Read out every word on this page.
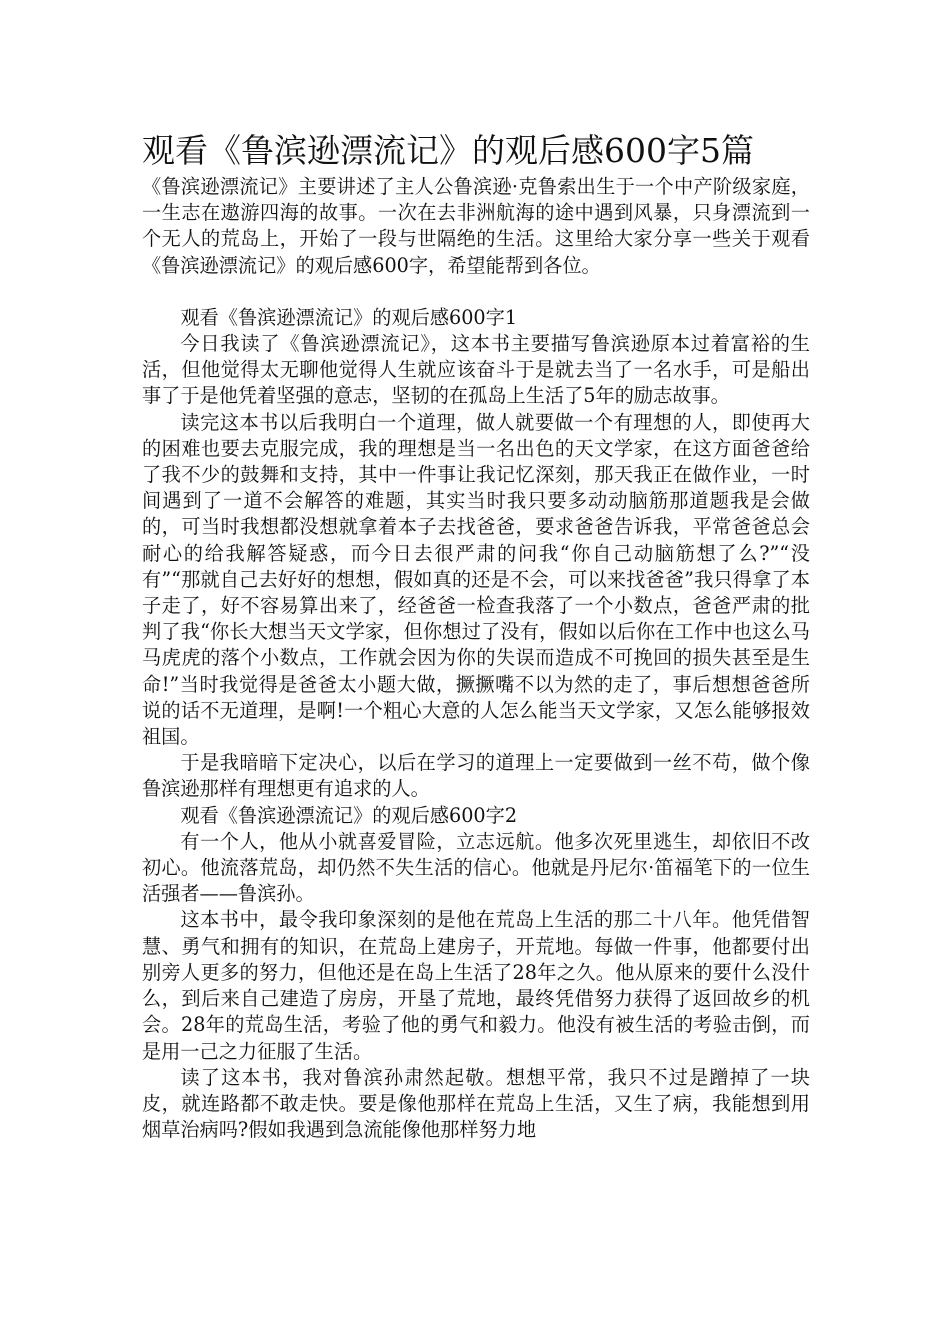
观看《鲁滨逊漂流记》的观后感600字5篇

《鲁滨逊漂流记》主要讲述了主人公鲁滨逊·克鲁索出生于一个中产阶级家庭，一生志在遨游四海的故事。一次在去非洲航海的途中遇到风暴，只身漂流到一个无人的荒岛上，开始了一段与世隔绝的生活。这里给大家分享一些关于观看《鲁滨逊漂流记》的观后感600字，希望能帮到各位。

观看《鲁滨逊漂流记》的观后感600字1

今日我读了《鲁滨逊漂流记》，这本书主要描写鲁滨逊原本过着富裕的生活，但他觉得太无聊他觉得人生就应该奋斗于是就去当了一名水手，可是船出事了于是他凭着坚强的意志，坚韧的在孤岛上生活了5年的励志故事。

读完这本书以后我明白一个道理，做人就要做一个有理想的人，即使再大的困难也要去克服完成，我的理想是当一名出色的天文学家，在这方面爸爸给了我不少的鼓舞和支持，其中一件事让我记忆深刻，那天我正在做作业，一时间遇到了一道不会解答的难题，其实当时我只要多动动脑筋那道题我是会做的，可当时我想都没想就拿着本子去找爸爸，要求爸爸告诉我，平常爸爸总会耐心的给我解答疑惑，而今日去很严肃的问我“你自己动脑筋想了么?”“没有”“那就自己去好好的想想，假如真的还是不会，可以来找爸爸”我只得拿了本子走了，好不容易算出来了，经爸爸一检查我落了一个小数点，爸爸严肃的批判了我“你长大想当天文学家，但你想过了没有，假如以后你在工作中也这么马马虎虎的落个小数点，工作就会因为你的失误而造成不可挽回的损失甚至是生命!”当时我觉得是爸爸太小题大做，撅撅嘴不以为然的走了，事后想想爸爸所说的话不无道理，是啊!一个粗心大意的人怎么能当天文学家，又怎么能够报效祖国。

于是我暗暗下定决心，以后在学习的道理上一定要做到一丝不苟，做个像鲁滨逊那样有理想更有追求的人。

观看《鲁滨逊漂流记》的观后感600字2

有一个人，他从小就喜爱冒险，立志远航。他多次死里逃生，却依旧不改初心。他流落荒岛，却仍然不失生活的信心。他就是丹尼尔·笛福笔下的一位生活强者——鲁滨孙。

这本书中，最令我印象深刻的是他在荒岛上生活的那二十八年。他凭借智慧、勇气和拥有的知识，在荒岛上建房子，开荒地。每做一件事，他都要付出别旁人更多的努力，但他还是在岛上生活了28年之久。他从原来的要什么没什么，到后来自己建造了房房，开垦了荒地，最终凭借努力获得了返回故乡的机会。28年的荒岛生活，考验了他的勇气和毅力。他没有被生活的考验击倒，而是用一己之力征服了生活。

读了这本书，我对鲁滨孙肃然起敬。想想平常，我只不过是蹭掉了一块皮，就连路都不敢走快。要是像他那样在荒岛上生活，又生了病，我能想到用烟草治病吗?假如我遇到急流能像他那样努力地
